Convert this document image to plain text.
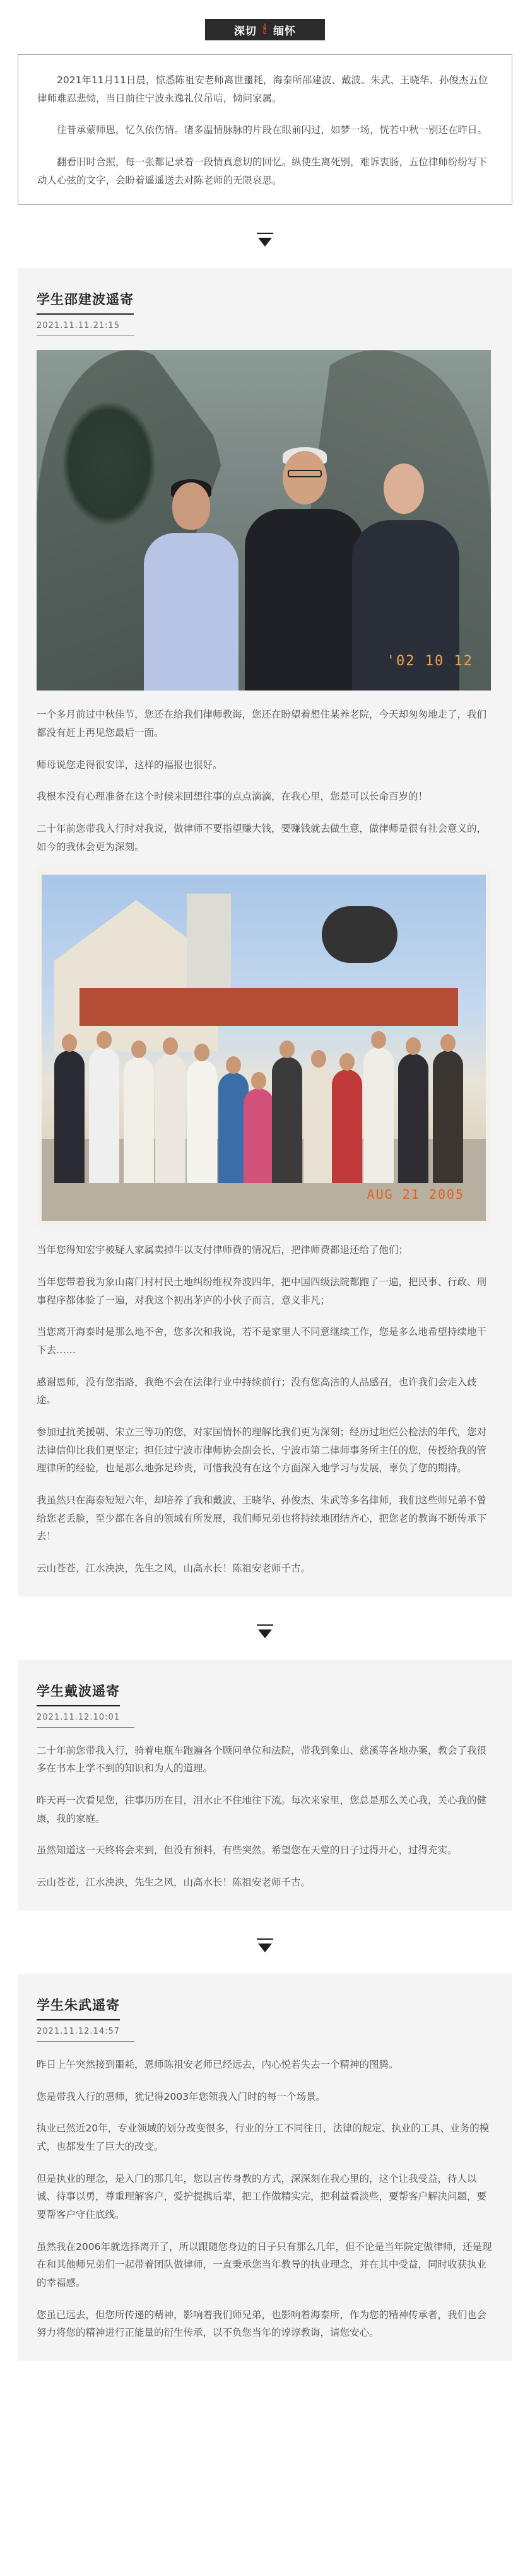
深切 🕯 缅怀

2021年11月11日晨，惊悉陈祖安老师离世噩耗，海泰所邵建波、戴波、朱武、王晓华、孙俊杰五位律师难忍悲恸，当日前往宁波永逸礼仪吊唁，恸问家属。

往昔承蒙师恩，忆久依伤情。诸多温情脉脉的片段在眼前闪过，如梦一场，恍若中秋一别还在昨日。

翻看旧时合照，每一张都记录着一段情真意切的回忆。纵使生离死别，难诉衷肠，五位律师纷纷写下动人心弦的文字，会盼着遥遥送去对陈老师的无限哀思。

学生邵建波遥寄
2021.11.11.21:15
'02 10 12

一个多月前过中秋佳节，您还在给我们律师教诲，您还在盼望着想住某养老院，今天却匆匆地走了，我们都没有赶上再见您最后一面。

师母说您走得很安详，这样的福报也很好。

我根本没有心理准备在这个时候来回想往事的点点滴滴，在我心里，您是可以长命百岁的！

二十年前您带我入行时对我说，做律师不要指望赚大钱，要赚钱就去做生意，做律师是很有社会意义的，如今的我体会更为深刻。

AUG 21 2005

当年您得知宏宇被疑人家属卖掉牛以支付律师费的情况后，把律师费都退还给了他们；

当年您带着我为象山南门村村民土地纠纷维权奔波四年，把中国四级法院都跑了一遍，把民事、行政、刑事程序都体验了一遍，对我这个初出茅庐的小伙子而言，意义非凡；

当您离开海泰时是那么地不舍，您多次和我说，若不是家里人不同意继续工作，您是多么地希望持续地干下去……

感谢恩师，没有您指路，我绝不会在法律行业中持续前行；没有您高洁的人品感召，也许我们会走入歧途。

参加过抗美援朝、宋立三等功的您，对家国情怀的理解比我们更为深刻；经历过坦烂公检法的年代，您对法律信仰比我们更坚定；担任过宁波市律师协会副会长、宁波市第二律师事务所主任的您，传授给我的管理律所的经验，也是那么地弥足珍贵，可惜我没有在这个方面深入地学习与发展，辜负了您的期待。

我虽然只在海泰短短六年，却培养了我和戴波、王晓华、孙俊杰、朱武等多名律师，我们这些师兄弟不曾给您老丢脸，至少都在各自的领域有所发展，我们师兄弟也将持续地团结齐心，把您老的教诲不断传承下去！

云山苍苍，江水泱泱，先生之风，山高水长！陈祖安老师千古。

学生戴波遥寄
2021.11.12.10:01

二十年前您带我入行，骑着电瓶车跑遍各个顾问单位和法院，带我到象山、慈溪等各地办案，教会了我很多在书本上学不到的知识和为人的道理。

昨天再一次看见您，往事历历在目，泪水止不住地往下流。每次来家里，您总是那么关心我，关心我的健康，我的家庭。

虽然知道这一天终将会来到，但没有预料，有些突然。希望您在天堂的日子过得开心，过得充实。

云山苍苍，江水泱泱，先生之风，山高水长！陈祖安老师千古。

学生朱武遥寄
2021.11.12.14:57

昨日上午突然接到噩耗，恩师陈祖安老师已经远去，内心悦若失去一个精神的图腾。

您是带我入行的恩师，犹记得2003年您领我入门时的每一个场景。

执业已然近20年，专业领域的划分改变很多，行业的分工不同往日，法律的规定、执业的工具、业务的模式，也都发生了巨大的改变。

但是执业的理念，是入门的那几年，您以言传身教的方式，深深刻在我心里的，这个让我受益，待人以诚、待事以勇，尊重理解客户，爱护提携后辈，把工作做精实完，把利益看淡些，要帮客户解决问题，要要帮客户守住底线。

虽然我在2006年就选择离开了，所以跟随您身边的日子只有那么几年，但不论是当年院定做律师，还是现在和其他师兄弟们一起带着团队做律师，一直秉承您当年教导的执业理念，并在其中受益，同时收获执业的幸福感。

您虽已远去，但您所传递的精神，影响着我们师兄弟，也影响着海泰所，作为您的精神传承者，我们也会努力将您的精神进行正能量的衍生传承，以不负您当年的谆谆教诲，请您安心。
